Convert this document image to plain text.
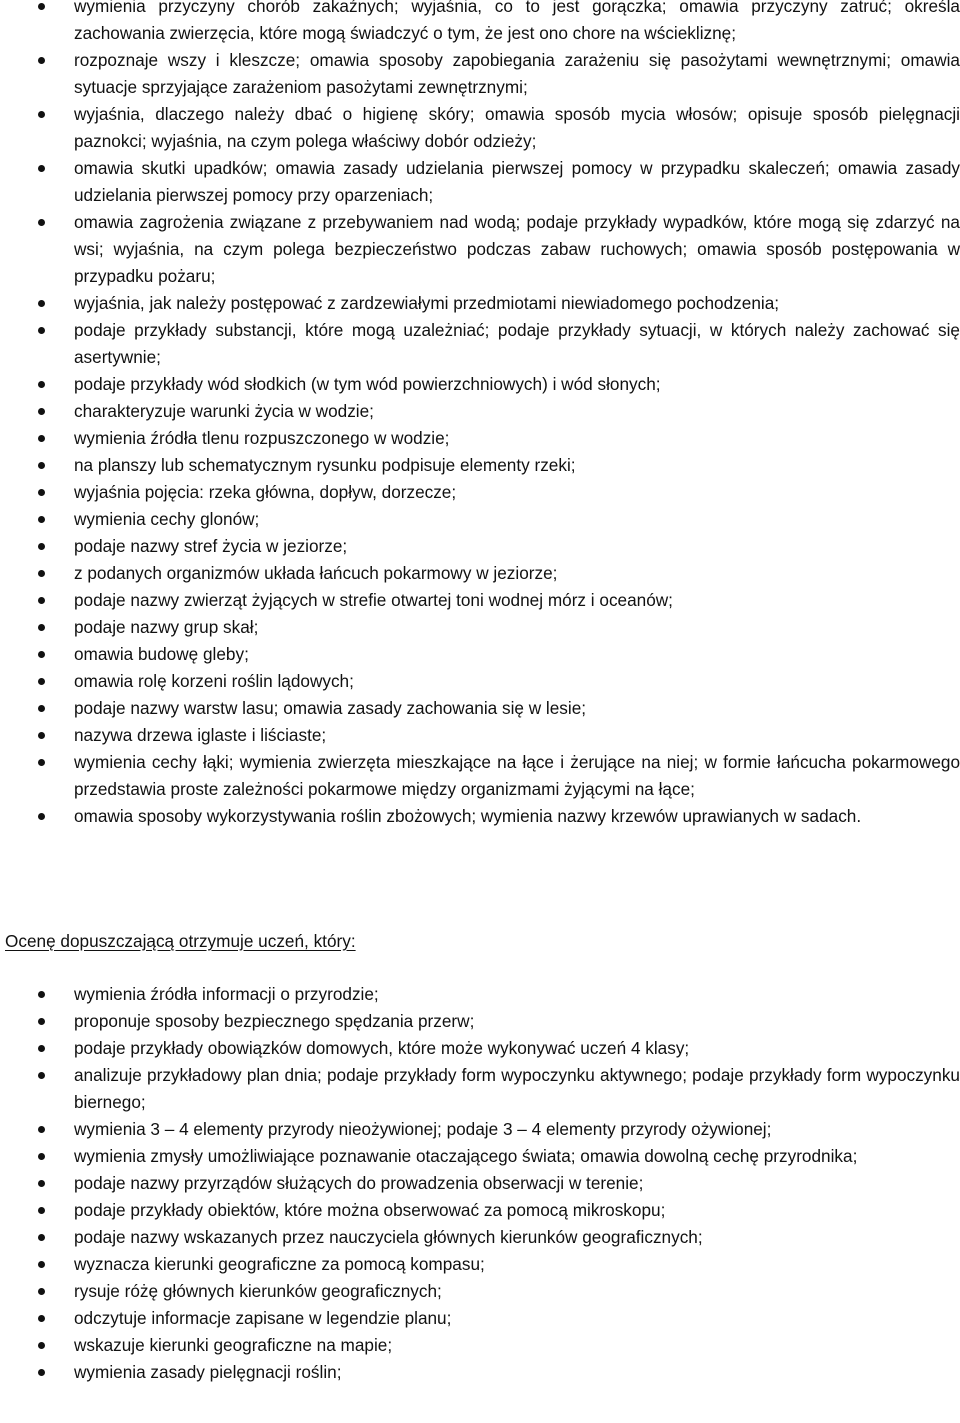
wymienia przyczyny chorób zakaźnych; wyjaśnia, co to jest gorączka; omawia przyczyny zatruć; określa zachowania zwierzęcia, które mogą świadczyć o tym, że jest ono chore na wściekliznę;
rozpoznaje wszy i kleszcze; omawia sposoby zapobiegania zarażeniu się pasożytami wewnętrznymi; omawia sytuacje sprzyjające zarażeniom pasożytami zewnętrznymi;
wyjaśnia, dlaczego należy dbać o higienę skóry; omawia sposób mycia włosów; opisuje sposób pielęgnacji paznokci; wyjaśnia, na czym polega właściwy dobór odzieży;
omawia skutki upadków; omawia zasady udzielania pierwszej pomocy w przypadku skaleczeń; omawia zasady udzielania pierwszej pomocy przy oparzeniach;
omawia zagrożenia związane z przebywaniem nad wodą; podaje przykłady wypadków, które mogą się zdarzyć na wsi; wyjaśnia, na czym polega bezpieczeństwo podczas zabaw ruchowych; omawia sposób postępowania w przypadku pożaru;
wyjaśnia, jak należy postępować z zardzewiałymi przedmiotami niewiadomego pochodzenia;
podaje przykłady substancji, które mogą uzależniać; podaje przykłady sytuacji, w których należy zachować się asertywnie;
podaje przykłady wód słodkich (w tym wód powierzchniowych) i wód słonych;
charakteryzuje warunki życia w wodzie;
wymienia źródła tlenu rozpuszczonego w wodzie;
na planszy lub schematycznym rysunku podpisuje elementy rzeki;
wyjaśnia pojęcia: rzeka główna, dopływ, dorzecze;
wymienia cechy glonów;
podaje nazwy stref życia w jeziorze;
z podanych organizmów układa łańcuch pokarmowy w jeziorze;
podaje nazwy zwierząt żyjących w strefie otwartej toni wodnej mórz i oceanów;
podaje nazwy grup skał;
omawia budowę gleby;
omawia rolę korzeni roślin lądowych;
podaje nazwy warstw lasu; omawia zasady zachowania się w lesie;
nazywa drzewa iglaste i liściaste;
wymienia cechy łąki; wymienia zwierzęta mieszkające na łące i żerujące na niej; w formie łańcucha pokarmowego przedstawia proste zależności pokarmowe między organizmami żyjącymi na łące;
omawia sposoby wykorzystywania roślin zbożowych; wymienia nazwy krzewów uprawianych w sadach.
Ocenę dopuszczającą otrzymuje uczeń, który:
wymienia źródła informacji o przyrodzie;
proponuje sposoby bezpiecznego spędzania przerw;
podaje przykłady obowiązków domowych, które może wykonywać uczeń 4 klasy;
analizuje przykładowy plan dnia; podaje przykłady form wypoczynku aktywnego; podaje przykłady form wypoczynku biernego;
wymienia 3 – 4 elementy przyrody nieożywionej; podaje 3 – 4 elementy przyrody ożywionej;
wymienia zmysły umożliwiające poznawanie otaczającego świata; omawia dowolną cechę przyrodnika;
podaje nazwy przyrządów służących do prowadzenia obserwacji w terenie;
podaje przykłady obiektów, które można obserwować za pomocą mikroskopu;
podaje nazwy wskazanych przez nauczyciela głównych kierunków geograficznych;
wyznacza kierunki geograficzne za pomocą kompasu;
rysuje różę głównych kierunków geograficznych;
odczytuje informacje zapisane w legendzie planu;
wskazuje kierunki geograficzne na mapie;
wymienia zasady pielęgnacji roślin;
